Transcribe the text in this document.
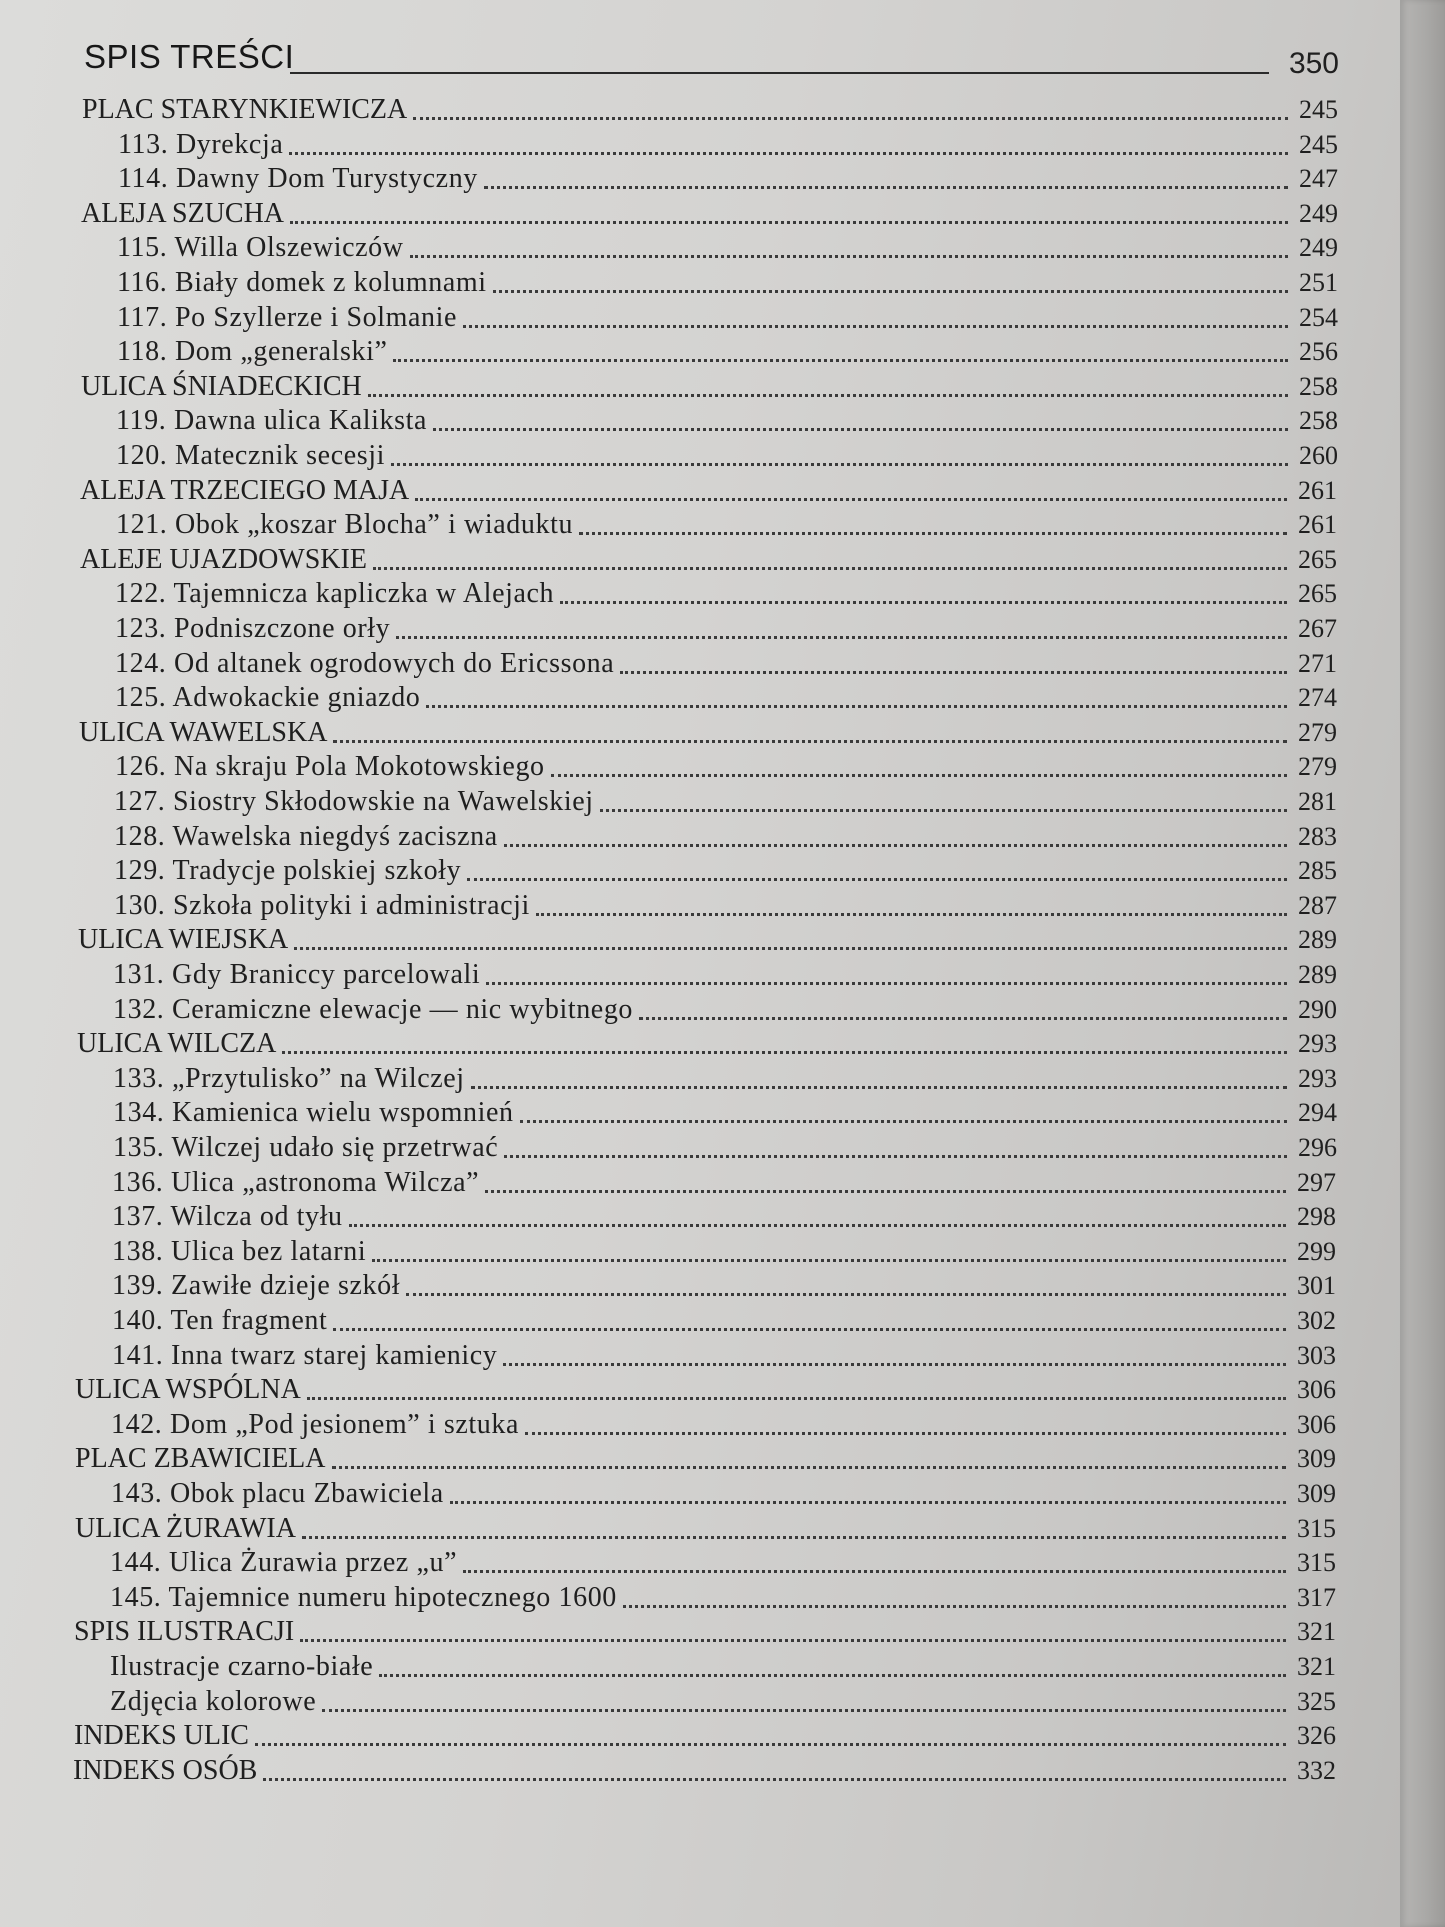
SPIS TREŚCI	350
PLAC STARYNKIEWICZA	245
113. Dyrekcja	245
114. Dawny Dom Turystyczny	247
ALEJA SZUCHA	249
115. Willa Olszewiczów	249
116. Biały domek z kolumnami	251
117. Po Szyllerze i Solmanie	254
118. Dom „generalski”	256
ULICA ŚNIADECKICH	258
119. Dawna ulica Kaliksta	258
120. Matecznik secesji	260
ALEJA TRZECIEGO MAJA	261
121. Obok „koszar Blocha” i wiaduktu	261
ALEJE UJAZDOWSKIE	265
122. Tajemnicza kapliczka w Alejach	265
123. Podniszczone orły	267
124. Od altanek ogrodowych do Ericssona	271
125. Adwokackie gniazdo	274
ULICA WAWELSKA	279
126. Na skraju Pola Mokotowskiego	279
127. Siostry Skłodowskie na Wawelskiej	281
128. Wawelska niegdyś zaciszna	283
129. Tradycje polskiej szkoły	285
130. Szkoła polityki i administracji	287
ULICA WIEJSKA	289
131. Gdy Braniccy parcelowali	289
132. Ceramiczne elewacje — nic wybitnego	290
ULICA WILCZA	293
133. „Przytulisko” na Wilczej	293
134. Kamienica wielu wspomnień	294
135. Wilczej udało się przetrwać	296
136. Ulica „astronoma Wilcza”	297
137. Wilcza od tyłu	298
138. Ulica bez latarni	299
139. Zawiłe dzieje szkół	301
140. Ten fragment	302
141. Inna twarz starej kamienicy	303
ULICA WSPÓLNA	306
142. Dom „Pod jesionem” i sztuka	306
PLAC ZBAWICIELA	309
143. Obok placu Zbawiciela	309
ULICA ŻURAWIA	315
144. Ulica Żurawia przez „u”	315
145. Tajemnice numeru hipotecznego 1600	317
SPIS ILUSTRACJI	321
Ilustracje czarno-białe	321
Zdjęcia kolorowe	325
INDEKS ULIC	326
INDEKS OSÓB	332
